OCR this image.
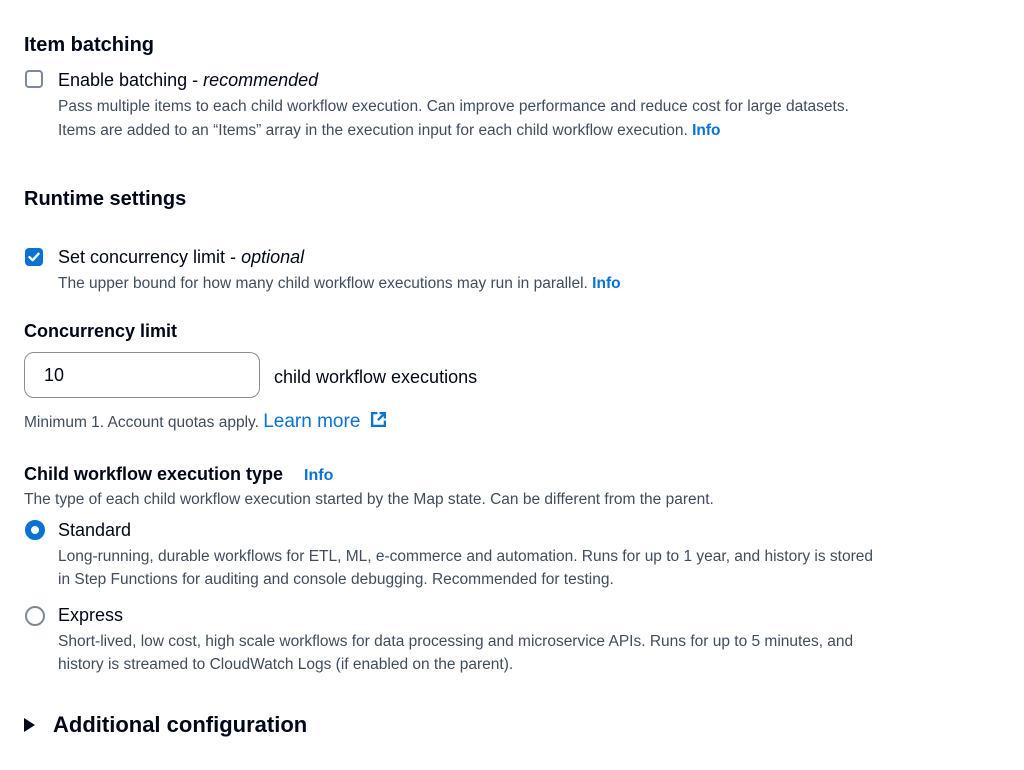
Item batching
Enable batching - recommended
Pass multiple items to each child workflow execution. Can improve performance and reduce cost for large datasets.
Items are added to an “Items” array in the execution input for each child workflow execution. Info
Runtime settings
Set concurrency limit - optional
The upper bound for how many child workflow executions may run in parallel. Info
Concurrency limit
10
child workflow executions
Minimum 1. Account quotas apply. Learn more
Child workflow execution type Info
The type of each child workflow execution started by the Map state. Can be different from the parent.
Standard
Long-running, durable workflows for ETL, ML, e-commerce and automation. Runs for up to 1 year, and history is stored
in Step Functions for auditing and console debugging. Recommended for testing.
Express
Short-lived, low cost, high scale workflows for data processing and microservice APIs. Runs for up to 5 minutes, and
history is streamed to CloudWatch Logs (if enabled on the parent).
Additional configuration
